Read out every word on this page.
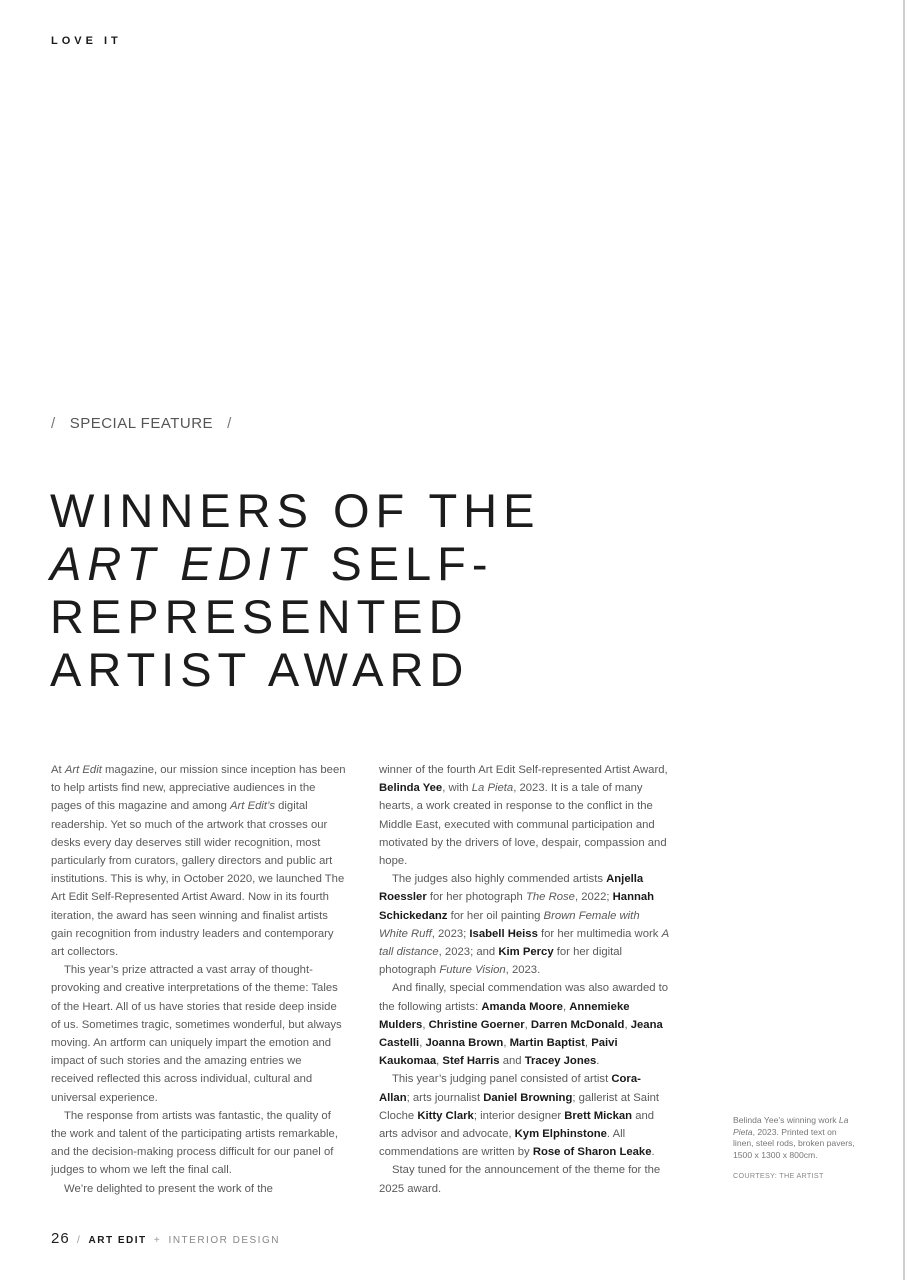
LOVE IT
/ SPECIAL FEATURE /
WINNERS OF THE
ART EDIT SELF-
REPRESENTED
ARTIST AWARD

At Art Edit magazine, our mission since inception has been to help artists find new, appreciative audiences in the pages of this magazine and among Art Edit’s digital readership. Yet so much of the artwork that crosses our desks every day deserves still wider recognition, most particularly from curators, gallery directors and public art institutions. This is why, in October 2020, we launched The Art Edit Self-Represented Artist Award. Now in its fourth iteration, the award has seen winning and finalist artists gain recognition from industry leaders and contemporary art collectors.

This year’s prize attracted a vast array of thought-provoking and creative interpretations of the theme: Tales of the Heart. All of us have stories that reside deep inside of us. Sometimes tragic, sometimes wonderful, but always moving. An artform can uniquely impart the emotion and impact of such stories and the amazing entries we received reflected this across individual, cultural and universal experience.

The response from artists was fantastic, the quality of the work and talent of the participating artists remarkable, and the decision-making process difficult for our panel of judges to whom we left the final call.

We’re delighted to present the work of the

winner of the fourth Art Edit Self-represented Artist Award, Belinda Yee, with La Pieta, 2023. It is a tale of many hearts, a work created in response to the conflict in the Middle East, executed with communal participation and motivated by the drivers of love, despair, compassion and hope.

The judges also highly commended artists Anjella Roessler for her photograph The Rose, 2022; Hannah Schickedanz for her oil painting Brown Female with White Ruff, 2023; Isabell Heiss for her multimedia work A tall distance, 2023; and Kim Percy for her digital photograph Future Vision, 2023.

And finally, special commendation was also awarded to the following artists: Amanda Moore, Annemieke Mulders, Christine Goerner, Darren McDonald, Jeana Castelli, Joanna Brown, Martin Baptist, Paivi Kaukomaa, Stef Harris and Tracey Jones.

This year’s judging panel consisted of artist Cora-Allan; arts journalist Daniel Browning; gallerist at Saint Cloche Kitty Clark; interior designer Brett Mickan and arts advisor and advocate, Kym Elphinstone. All commendations are written by Rose of Sharon Leake.

Stay tuned for the announcement of the theme for the 2025 award.

Belinda Yee’s winning work La Pieta, 2023. Printed text on linen, steel rods, broken pavers, 1500 x 1300 x 800cm.
COURTESY: THE ARTIST
26 / ART EDIT + INTERIOR DESIGN
